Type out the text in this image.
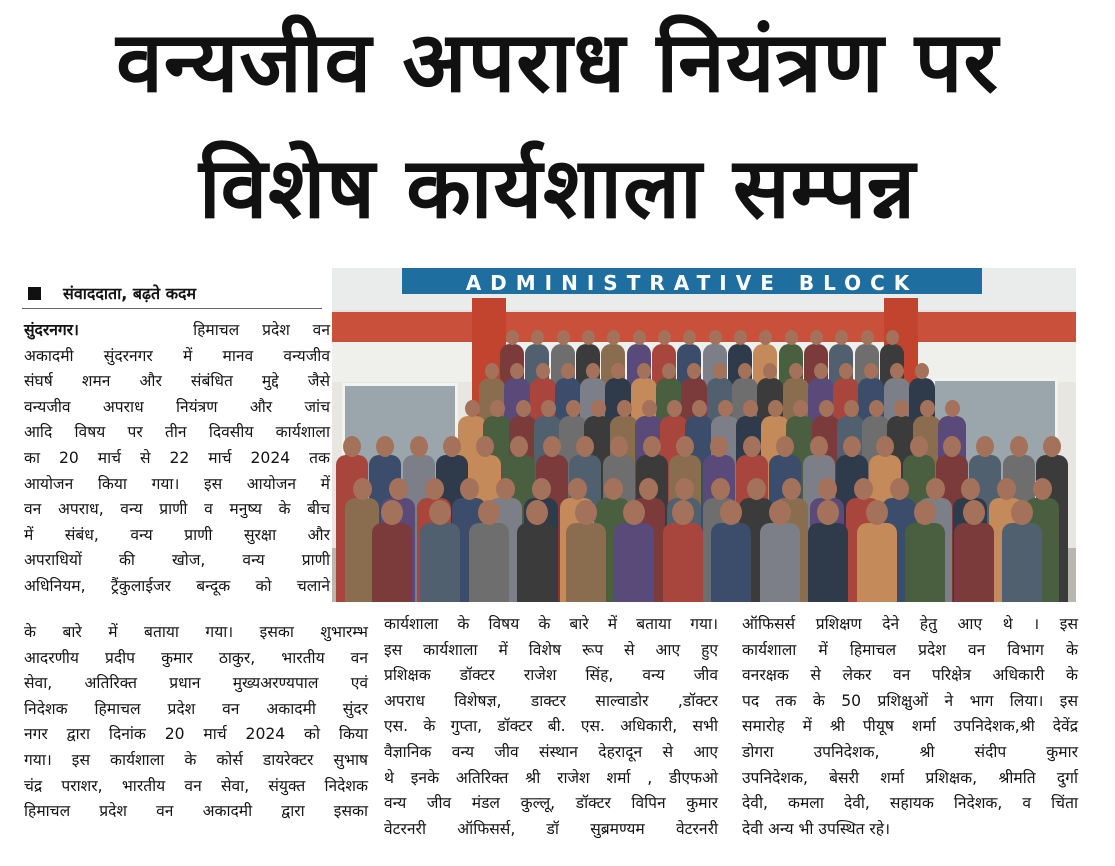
वन्यजीव अपराध नियंत्रण पर
विशेष कार्यशाला सम्पन्न
संवाददाता, बढ़ते कदम	ADMINISTRATIVE BLOCK

सुंदरनगर।     हिमाचल प्रदेश वन
अकादमी सुंदरनगर में मानव वन्यजीव
संघर्ष शमन और संबंधित मुद्दे जैसे
वन्यजीव अपराध नियंत्रण और जांच
आदि विषय पर तीन दिवसीय कार्यशाला
का 20 मार्च से 22 मार्च 2024 तक
आयोजन किया गया। इस आयोजन में
वन अपराध, वन्य प्राणी व मनुष्य के बीच
में संबंध, वन्य प्राणी सुरक्षा और
अपराधियों की खोज, वन्य प्राणी
अधिनियम, ट्रैंकुलाईजर बन्दूक को चलाने

के बारे में बताया गया। इसका शुभारम्भ
आदरणीय प्रदीप कुमार ठाकुर, भारतीय वन
सेवा, अतिरिक्त प्रधान मुख्यअरण्यपाल एवं
निदेशक हिमाचल प्रदेश वन अकादमी सुंदर
नगर द्वारा दिनांक 20 मार्च 2024 को किया
गया। इस कार्यशाला के कोर्स डायरेक्टर सुभाष
चंद्र पराशर, भारतीय वन सेवा, संयुक्त निदेशक
हिमाचल प्रदेश वन अकादमी द्वारा इसका

कार्यशाला के विषय के बारे में बताया गया।
इस कार्यशाला में विशेष रूप से आए हुए
प्रशिक्षक डॉक्टर राजेश सिंह, वन्य जीव
अपराध विशेषज्ञ, डाक्टर साल्वाडोर ,डॉक्टर
एस. के गुप्ता, डॉक्टर बी. एस. अधिकारी, सभी
वैज्ञानिक वन्य जीव संस्थान देहरादून से आए
थे इनके अतिरिक्त श्री राजेश शर्मा , डीएफओ
वन्य जीव मंडल कुल्लू, डॉक्टर विपिन कुमार
वेटरनरी ऑफिसर्स, डॉ सुब्रमण्यम वेटरनरी

ऑफिसर्स प्रशिक्षण देने हेतु आए थे । इस
कार्यशाला में हिमाचल प्रदेश वन विभाग के
वनरक्षक से लेकर वन परिक्षेत्र अधिकारी के
पद तक के 50 प्रशिक्षुओं ने भाग लिया। इस
समारोह में श्री पीयूष शर्मा उपनिदेशक,श्री देवेंद्र
डोगरा उपनिदेशक, श्री संदीप कुमार
उपनिदेशक, बेसरी शर्मा प्रशिक्षक, श्रीमति दुर्गा
देवी, कमला देवी, सहायक निदेशक, व चिंता
देवी अन्य भी उपस्थित रहे।
